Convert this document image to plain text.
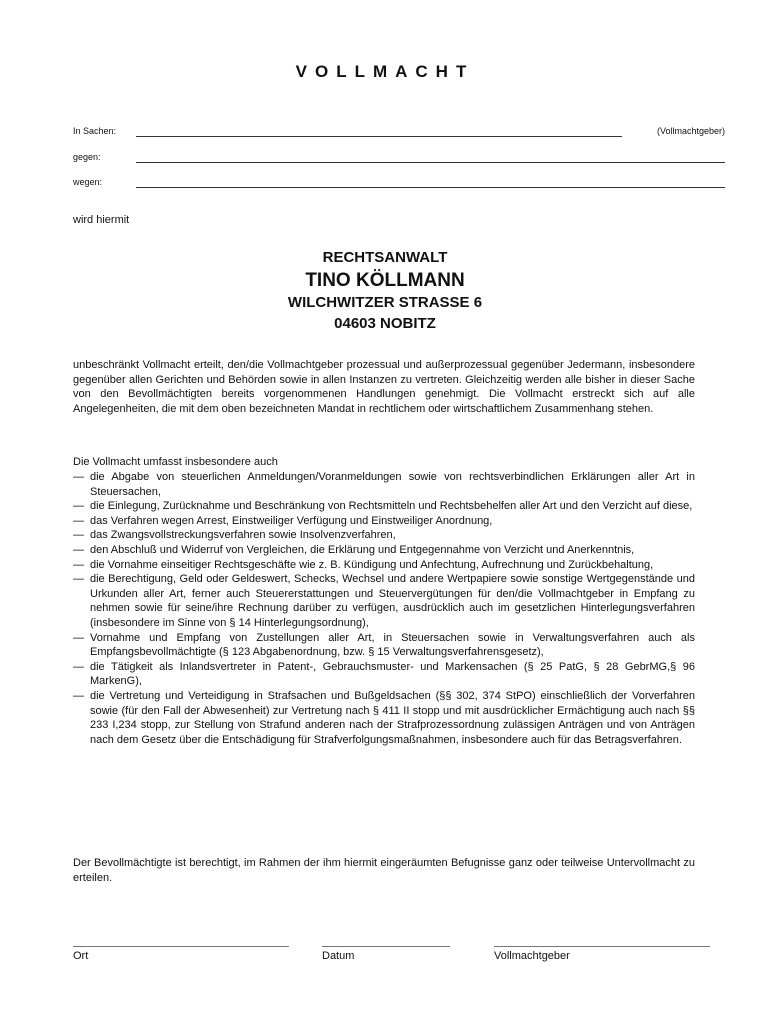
VOLLMACHT
In Sachen:	(Vollmachtgeber)
gegen:
wegen:
wird hiermit
RECHTSANWALT
TINO KÖLLMANN
WILCHWITZER STRASSE 6
04603 NOBITZ
unbeschränkt Vollmacht erteilt, den/die Vollmachtgeber prozessual und außerprozessual gegenüber Jedermann, insbesondere gegenüber allen Gerichten und Behörden sowie in allen Instanzen zu vertreten. Gleichzeitig werden alle bisher in dieser Sache von den Bevollmächtigten bereits vorgenommenen Handlungen genehmigt. Die Vollmacht erstreckt sich auf alle Angelegenheiten, die mit dem oben bezeichneten Mandat in rechtlichem oder wirtschaftlichem Zusammenhang stehen.
Die Vollmacht umfasst insbesondere auch
— die Abgabe von steuerlichen Anmeldungen/Voranmeldungen sowie von rechtsverbindlichen Erklärungen aller Art in Steuersachen,
— die Einlegung, Zurücknahme und Beschränkung von Rechtsmitteln und Rechtsbehelfen aller Art und den Verzicht auf diese,
— das Verfahren wegen Arrest, Einstweiliger Verfügung und Einstweiliger Anordnung,
— das Zwangsvollstreckungsverfahren sowie Insolvenzverfahren,
— den Abschluß und Widerruf von Vergleichen, die Erklärung und Entgegennahme von Verzicht und Anerkenntnis,
— die Vornahme einseitiger Rechtsgeschäfte wie z. B. Kündigung und Anfechtung, Aufrechnung und Zurückbehaltung,
— die Berechtigung, Geld oder Geldeswert, Schecks, Wechsel und andere Wertpapiere sowie sonstige Wertgegenstände und Urkunden aller Art, ferner auch Steuererstattungen und Steuervergütungen für den/die Vollmachtgeber in Empfang zu nehmen sowie für seine/ihre Rechnung darüber zu verfügen, ausdrücklich auch im gesetzlichen Hinterlegungsverfahren (insbesondere im Sinne von § 14 Hinterlegungsordnung),
— Vornahme und Empfang von Zustellungen aller Art, in Steuersachen sowie in Verwaltungsverfahren auch als Empfangsbevollmächtigte (§ 123 Abgabenordnung, bzw. § 15 Verwaltungsverfahrensgesetz),
— die Tätigkeit als Inlandsvertreter in Patent-, Gebrauchsmuster- und Markensachen (§ 25 PatG, § 28 GebrMG,§ 96 MarkenG),
— die Vertretung und Verteidigung in Strafsachen und Bußgeldsachen (§§ 302, 374 StPO) einschließlich der Vorverfahren sowie (für den Fall der Abwesenheit) zur Vertretung nach § 411 II stopp und mit ausdrücklicher Ermächtigung auch nach §§ 233 I,234 stopp, zur Stellung von Strafund anderen nach der Strafprozessordnung zulässigen Anträgen und von Anträgen nach dem Gesetz über die Entschädigung für Strafverfolgungsmaßnahmen, insbesondere auch für das Betragsverfahren.
Der Bevollmächtigte ist berechtigt, im Rahmen der ihm hiermit eingeräumten Befugnisse ganz oder teilweise Untervollmacht zu erteilen.
Ort	Datum	Vollmachtgeber
